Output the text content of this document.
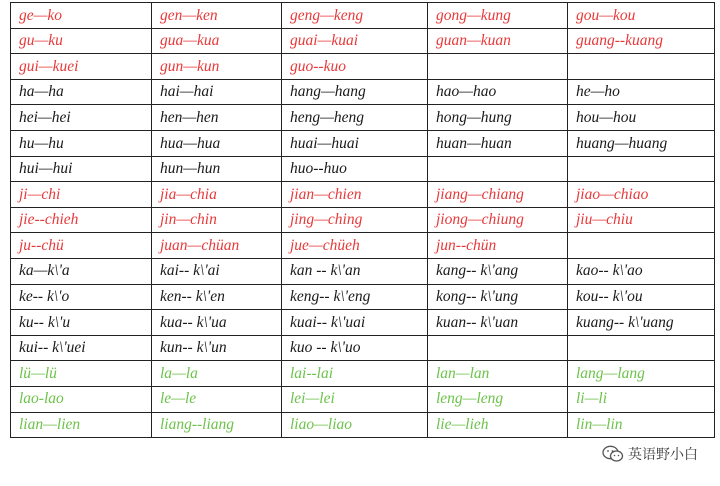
ge—ko	gen—ken	geng—keng	gong—kung	gou—kou
gu—ku	gua—kua	guai—kuai	guan—kuan	guang--kuang
gui—kuei	gun—kun	guo--kuo		
ha—ha	hai—hai	hang—hang	hao—hao	he—ho
hei—hei	hen—hen	heng—heng	hong—hung	hou—hou
hu—hu	hua—hua	huai—huai	huan—huan	huang—huang
hui—hui	hun—hun	huo--huo		
ji—chi	jia—chia	jian—chien	jiang—chiang	jiao—chiao
jie--chieh	jin—chin	jing—ching	jiong—chiung	jiu—chiu
ju--chü	juan—chüan	jue—chüeh	jun--chün	
ka—k\'a	kai-- k\'ai	kan -- k\'an	kang-- k\'ang	kao-- k\'ao
ke-- k\'o	ken-- k\'en	keng-- k\'eng	kong-- k\'ung	kou-- k\'ou
ku-- k\'u	kua-- k\'ua	kuai-- k\'uai	kuan-- k\'uan	kuang-- k\'uang
kui-- k\'uei	kun-- k\'un	kuo -- k\'uo		
lü—lü	la—la	lai--lai	lan—lan	lang—lang
lao-lao	le—le	lei—lei	leng—leng	li—li
lian—lien	liang--liang	liao—liao	lie—lieh	lin—lin
英语野小白
